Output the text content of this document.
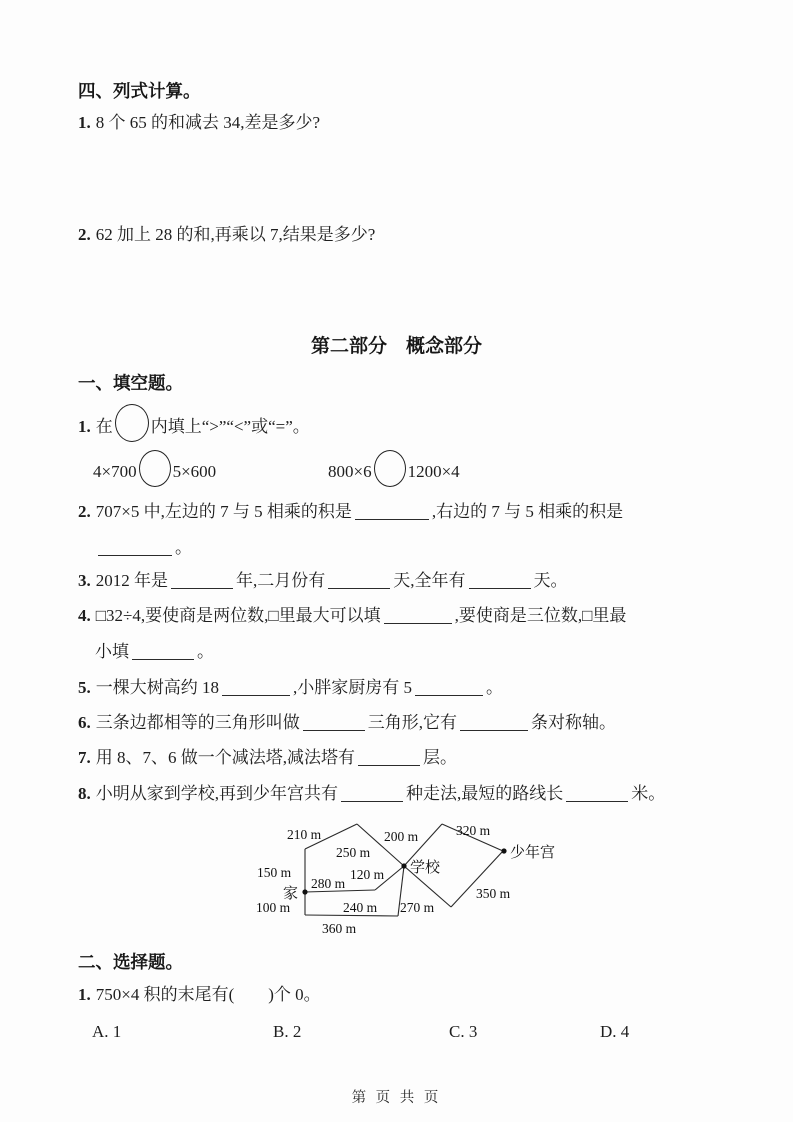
四、列式计算。
1. 8 个 65 的和减去 34,差是多少?
2. 62 加上 28 的和,再乘以 7,结果是多少?
第二部分　概念部分
一、填空题。
1. 在 内填上“>”“<”或“=”。
4×700 5×600	800×6 1200×4
2. 707×5 中,左边的 7 与 5 相乘的积是	,右边的 7 与 5 相乘的积是
。
3. 2012 年是	年,二月份有	天,全年有	天。
4. □32÷4,要使商是两位数,□里最大可以填	,要使商是三位数,□里最
小填	。
5. 一棵大树高约 18	,小胖家厨房有 5	。
6. 三条边都相等的三角形叫做	三角形,它有	条对称轴。
7. 用 8、7、6 做一个减法塔,减法塔有	层。
8. 小明从家到学校,再到少年宫共有	种走法,最短的路线长	米。
210 m	200 m	320 m
250 m
150 m	120 m
280 m
350 m
100 m	240 m 270 m
360 m
家
学校
少年宫
二、选择题。
1. 750×4 积的末尾有(　　)个 0。
A. 1	B. 2	C. 3	D. 4
第 页 共 页
